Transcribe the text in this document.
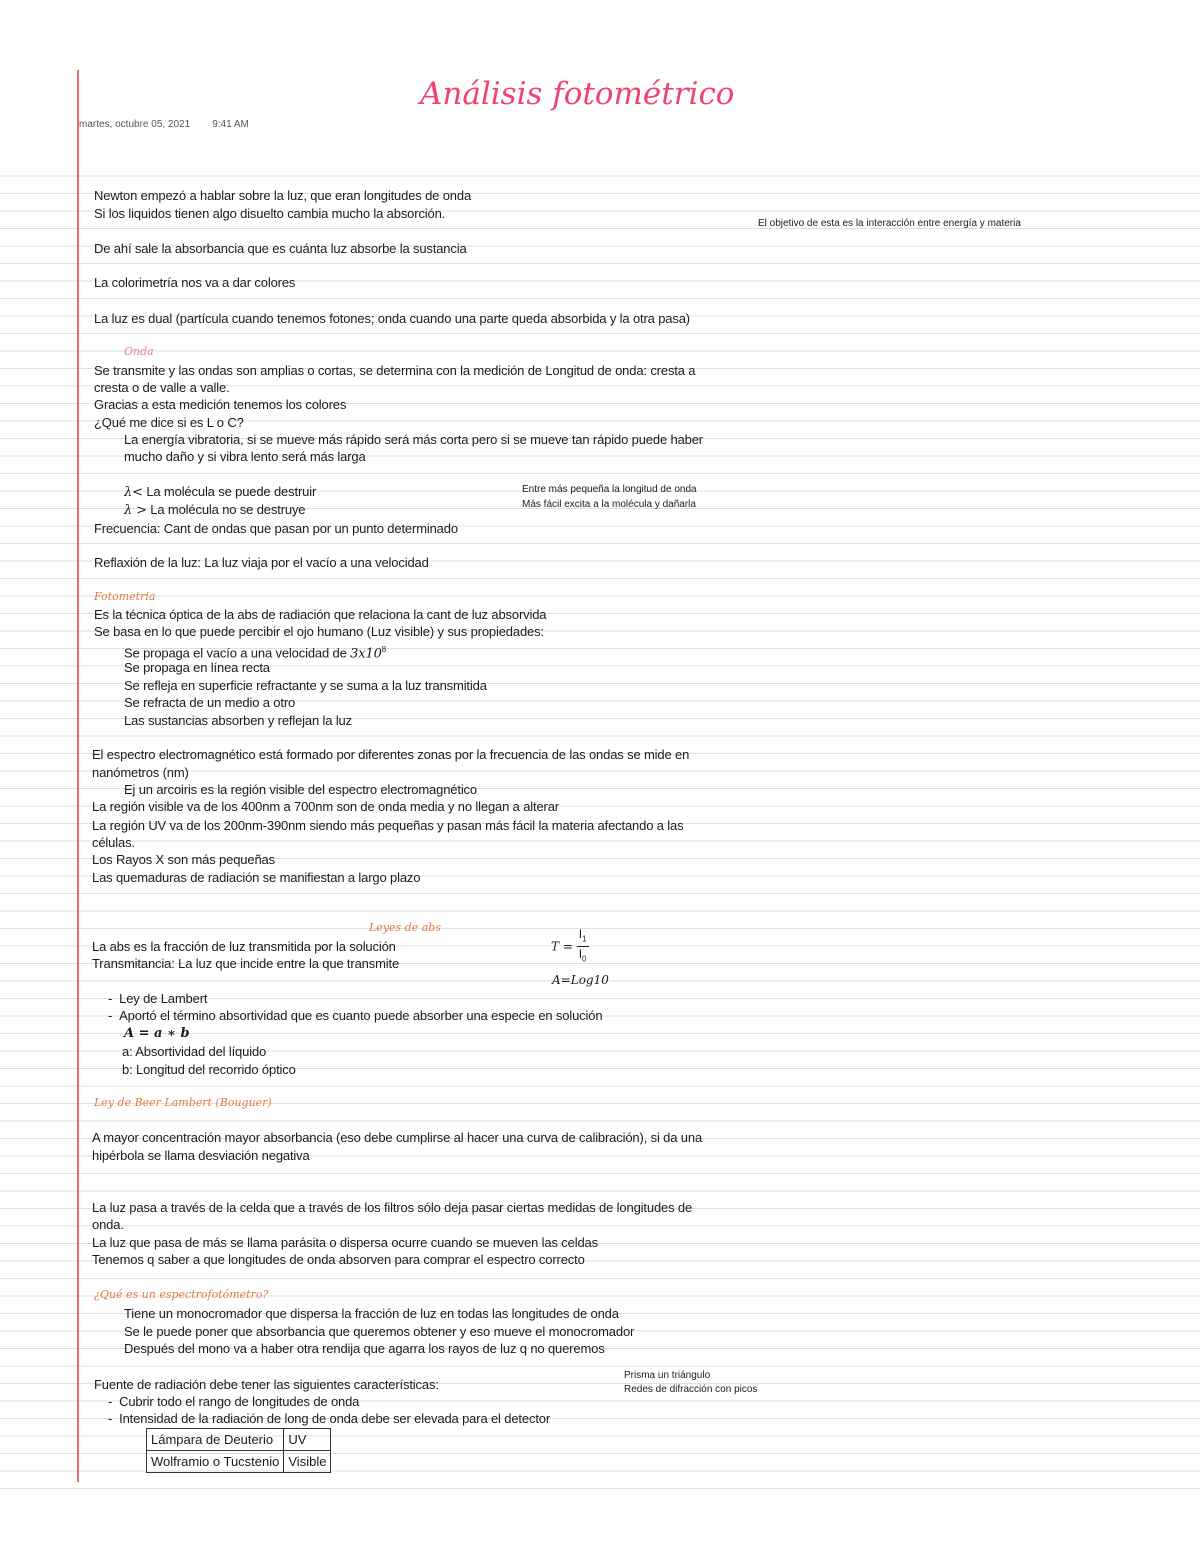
Análisis fotométrico
martes, octubre 05, 2021 9:41 AM
Newton empezó a hablar sobre la luz, que eran longitudes de onda
Si los liquidos tienen algo disuelto cambia mucho la absorción.
El objetivo de esta es la interacción entre energía y materia
De ahí sale la absorbancia que es cuánta luz absorbe la sustancia
La colorimetría nos va a dar colores
La luz es dual (partícula cuando tenemos fotones; onda cuando una parte queda absorbida y la otra pasa)
Onda
Se transmite y las ondas son amplias o cortas, se determina con la medición de Longitud de onda: cresta a
cresta o de valle a valle.
Gracias a esta medición tenemos los colores
¿Qué me dice si es L o C?
La energía vibratoria, si se mueve más rápido será más corta pero si se mueve tan rápido puede haber
mucho daño y si vibra lento será más larga
λ< La molécula se puede destruir
λ > La molécula no se destruye
Entre más pequeña la longitud de onda
Más fácil excita a la molécula y dañarla
Frecuencia: Cant de ondas que pasan por un punto determinado
Reflaxión de la luz: La luz viaja por el vacío a una velocidad
Fotometria
Es la técnica óptica de la abs de radiación que relaciona la cant de luz absorvida
Se basa en lo que puede percibir el ojo humano (Luz visible) y sus propiedades:
Se propaga el vacío a una velocidad de $3x10^8$
Se propaga en línea recta
Se refleja en superficie refractante y se suma a la luz transmitida
Se refracta de un medio a otro
Las sustancias absorben y reflejan la luz
El espectro electromagnético está formado por diferentes zonas por la frecuencia de las ondas se mide en
nanómetros (nm)
Ej un arcoiris es la región visible del espectro electromagnético
La región visible va de los 400nm a 700nm son de onda media y no llegan a alterar
La región UV va de los 200nm-390nm siendo más pequeñas y pasan más fácil la materia afectando a las
células.
Los Rayos X son más pequeñas
Las quemaduras de radiación se manifiestan a largo plazo
Leyes de abs
La abs es la fracción de luz transmitida por la solución
Transmitancia: La luz que incide entre la que transmite
$T = \frac{I_1}{I_0}$
A=Log10
-  Ley de Lambert
-  Aportó el término absortividad que es cuanto puede absorber una especie en solución
A = a ∗ b
a: Absortividad del líquido
b: Longitud del recorrido óptico
Ley de Beer Lambert (Bouguer)
A mayor concentración mayor absorbancia (eso debe cumplirse al hacer una curva de calibración), si da una
hipérbola se llama desviación negativa
La luz pasa a través de la celda que a través de los filtros sólo deja pasar ciertas medidas de longitudes de
onda.
La luz que pasa de más se llama parásita o dispersa ocurre cuando se mueven las celdas
Tenemos q saber a que longitudes de onda absorven para comprar el espectro correcto
¿Qué es un espectrofotómetro?
Tiene un monocromador que dispersa la fracción de luz en todas las longitudes de onda
Se le puede poner que absorbancia que queremos obtener y eso mueve el monocromador
Después del mono va a haber otra rendija que agarra los rayos de luz q no queremos
Fuente de radiación debe tener las siguientes características:
Prisma un triángulo
Redes de difracción con picos
-  Cubrir todo el rango de longitudes de onda
-  Intensidad de la radiación de long de onda debe ser elevada para el detector
Lámpara de Deuterio	UV
Wolframio o Tucstenio	Visible
